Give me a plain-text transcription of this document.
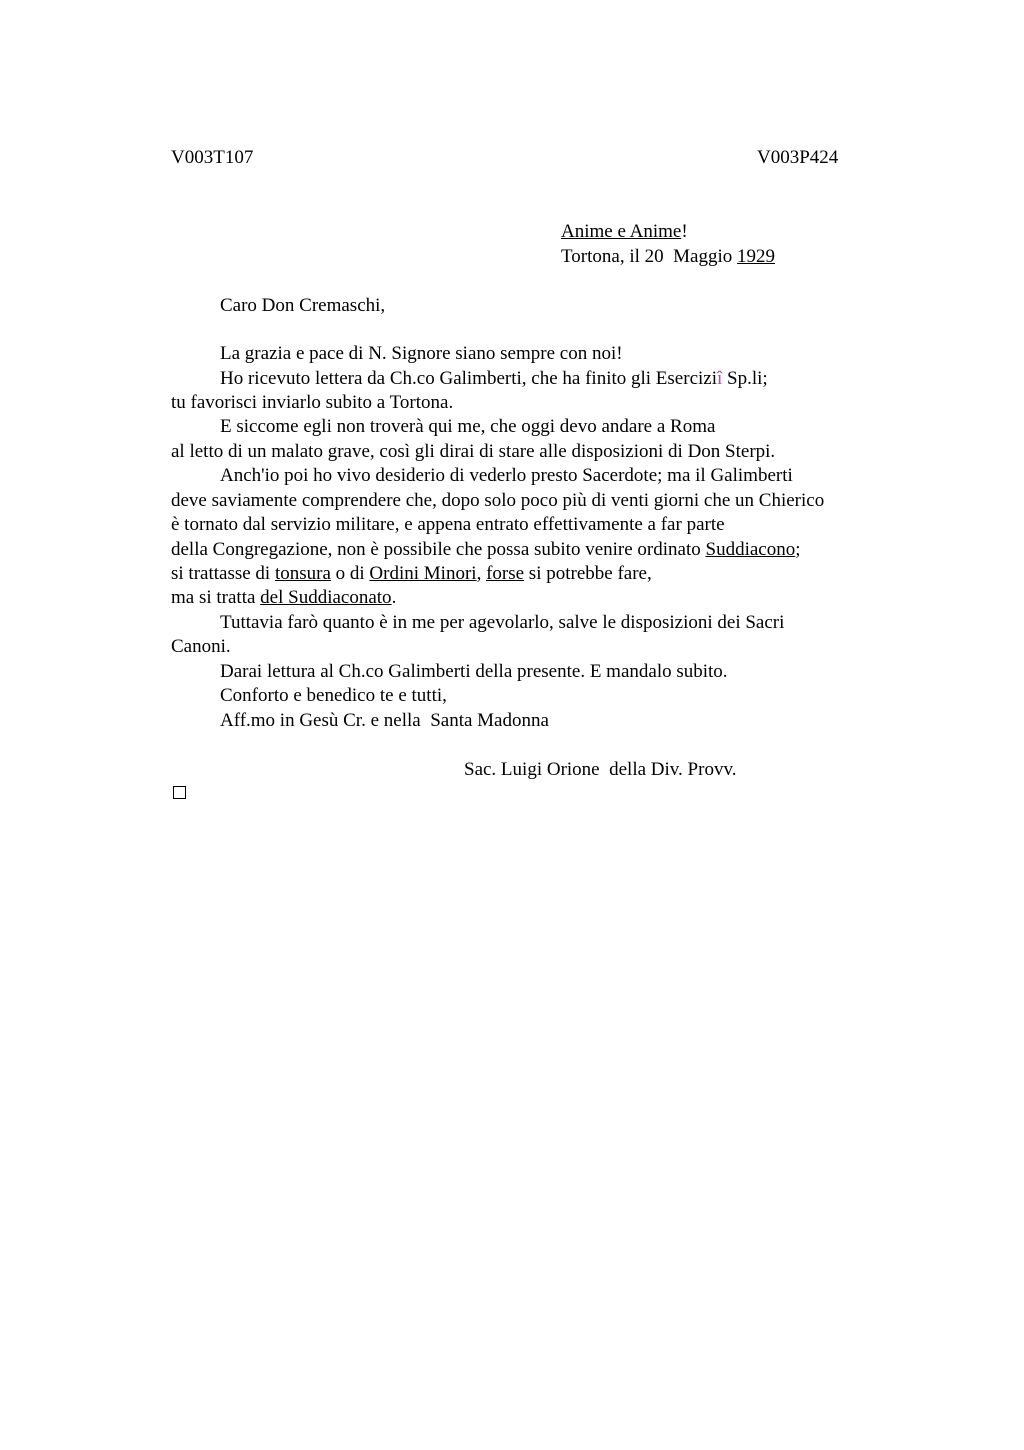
V003T107	V003P424
Anime e Anime!
Tortona, il 20  Maggio 1929
Caro Don Cremaschi,
La grazia e pace di N. Signore siano sempre con noi!
Ho ricevuto lettera da Ch.co Galimberti, che ha finito gli Eserciziî Sp.li;
tu favorisci inviarlo subito a Tortona.
E siccome egli non troverà qui me, che oggi devo andare a Roma
al letto di un malato grave, così gli dirai di stare alle disposizioni di Don Sterpi.
Anch'io poi ho vivo desiderio di vederlo presto Sacerdote; ma il Galimberti
deve saviamente comprendere che, dopo solo poco più di venti giorni che un Chierico
è tornato dal servizio militare, e appena entrato effettivamente a far parte
della Congregazione, non è possibile che possa subito venire ordinato Suddiacono;
si trattasse di tonsura o di Ordini Minori, forse si potrebbe fare,
ma si tratta del Suddiaconato.
Tuttavia farò quanto è in me per agevolarlo, salve le disposizioni dei Sacri
Canoni.
Darai lettura al Ch.co Galimberti della presente. E mandalo subito.
Conforto e benedico te e tutti,
Aff.mo in Gesù Cr. e nella  Santa Madonna
Sac. Luigi Orione  della Div. Provv.
